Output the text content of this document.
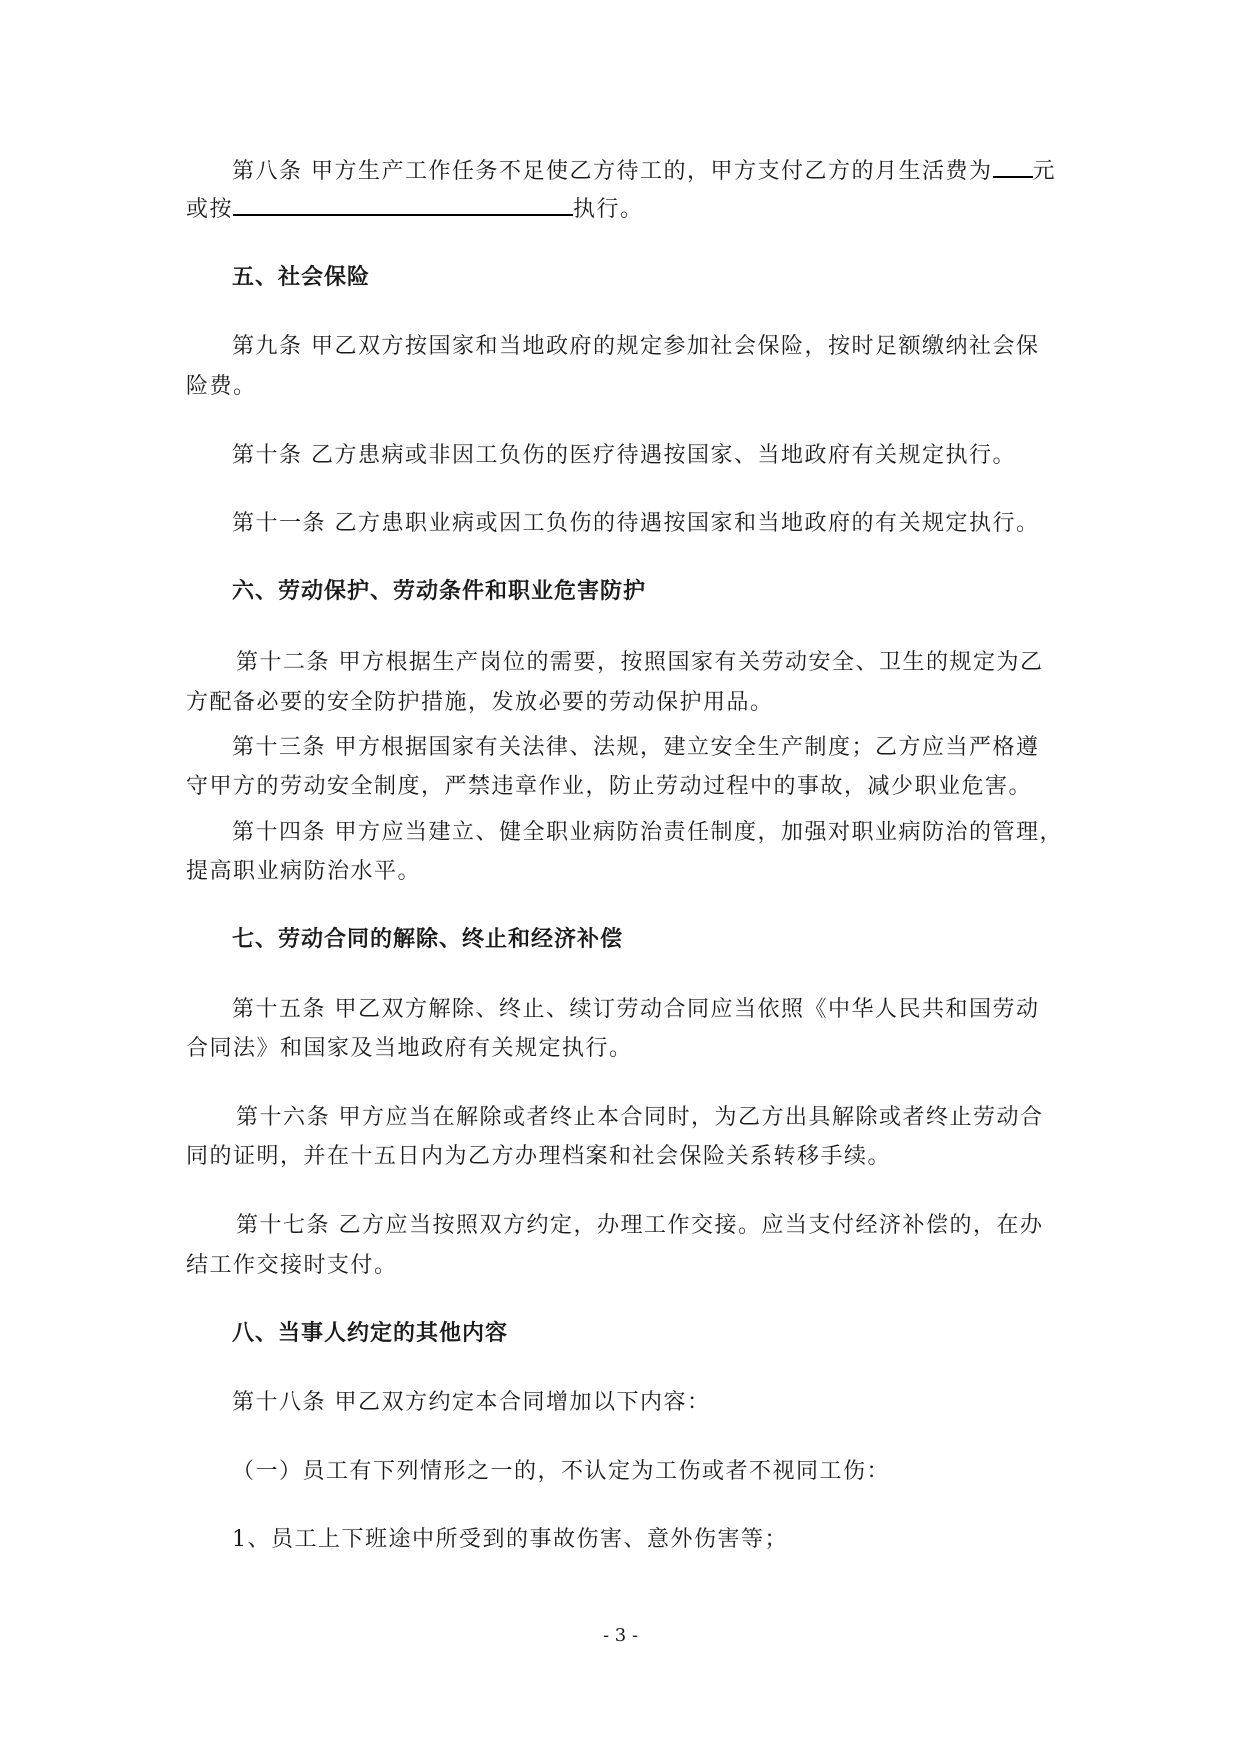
第八条 甲方生产工作任务不足使乙方待工的，甲方支付乙方的月生活费为 元
或按	执行。
五、社会保险
第九条 甲乙双方按国家和当地政府的规定参加社会保险，按时足额缴纳社会保
险费。
第十条 乙方患病或非因工负伤的医疗待遇按国家、当地政府有关规定执行。
第十一条 乙方患职业病或因工负伤的待遇按国家和当地政府的有关规定执行。
六、劳动保护、劳动条件和职业危害防护
第十二条 甲方根据生产岗位的需要，按照国家有关劳动安全、卫生的规定为乙
方配备必要的安全防护措施，发放必要的劳动保护用品。
第十三条 甲方根据国家有关法律、法规，建立安全生产制度；乙方应当严格遵
守甲方的劳动安全制度，严禁违章作业，防止劳动过程中的事故，减少职业危害。
第十四条 甲方应当建立、健全职业病防治责任制度，加强对职业病防治的管理，
提高职业病防治水平。
七、劳动合同的解除、终止和经济补偿
第十五条 甲乙双方解除、终止、续订劳动合同应当依照《中华人民共和国劳动
合同法》和国家及当地政府有关规定执行。
第十六条 甲方应当在解除或者终止本合同时，为乙方出具解除或者终止劳动合
同的证明，并在十五日内为乙方办理档案和社会保险关系转移手续。
第十七条 乙方应当按照双方约定，办理工作交接。应当支付经济补偿的，在办
结工作交接时支付。
八、当事人约定的其他内容
第十八条 甲乙双方约定本合同增加以下内容：
（一）员工有下列情形之一的，不认定为工伤或者不视同工伤：
1、员工上下班途中所受到的事故伤害、意外伤害等；
- 3 -
